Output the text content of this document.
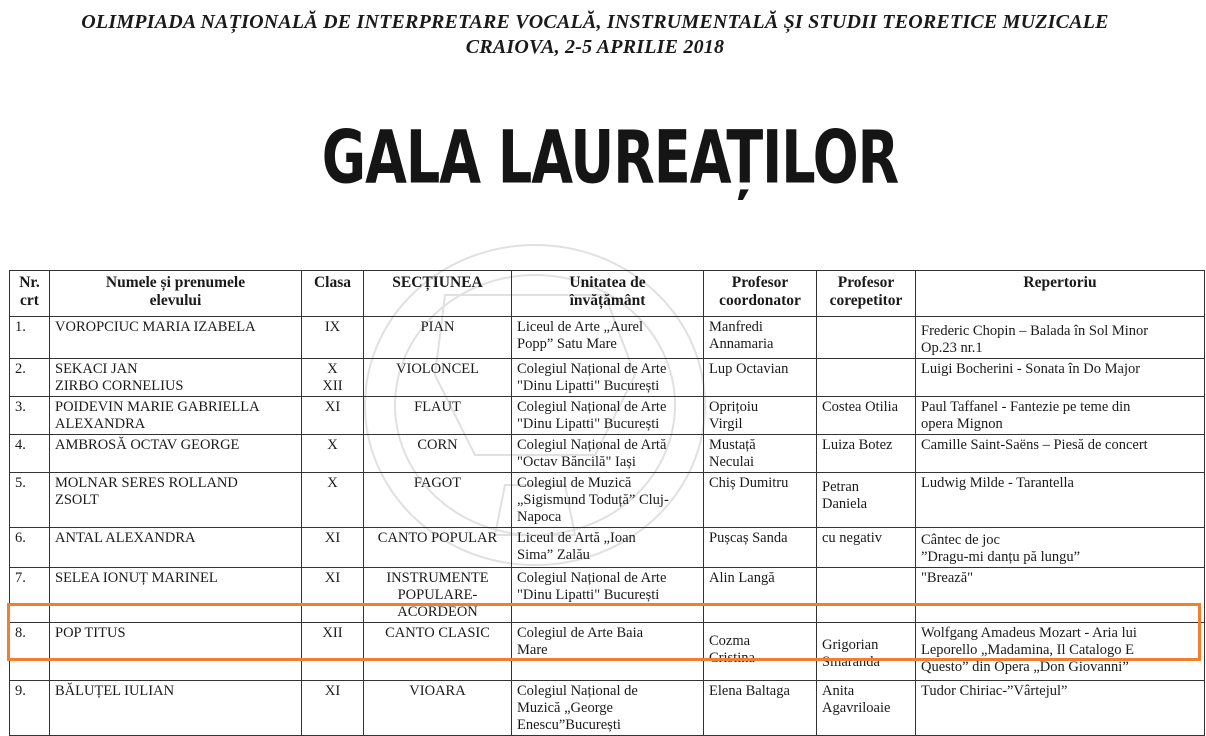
OLIMPIADA NAȚIONALĂ DE INTERPRETARE VOCALĂ, INSTRUMENTALĂ ȘI STUDII TEORETICE MUZICALE
CRAIOVA, 2-5 APRILIE 2018
GALA LAUREAȚILOR
Nr.
crt	Numele și prenumele
elevului	Clasa	SECȚIUNEA	Unitatea de
învățământ	Profesor
coordonator	Profesor
corepetitor	Repertoriu

1.	VOROPCIUC MARIA IZABELA	IX	PIAN	Liceul de Arte „Aurel
Popp” Satu Mare	Manfredi
Annamaria		Frederic Chopin – Balada în Sol Minor
Op.23 nr.1

2.	SEKACI JAN
ZIRBO CORNELIUS	X
XII	VIOLONCEL	Colegiul Național de Arte
"Dinu Lipatti" București	Lup Octavian		Luigi Bocherini - Sonata în Do Major

3.	POIDEVIN MARIE GABRIELLA
ALEXANDRA	XI	FLAUT	Colegiul Național de Arte
"Dinu Lipatti" București	Oprițoiu
Virgil	Costea Otilia	Paul Taffanel - Fantezie pe teme din
opera Mignon

4.	AMBROSĂ OCTAV GEORGE	X	CORN	Colegiul Național de Artă
"Octav Băncilă" Iași	Mustață
Neculai	Luiza Botez	Camille Saint-Saëns – Piesă de concert

5.	MOLNAR SERES ROLLAND
ZSOLT	X	FAGOT	Colegiul de Muzică
„Sigismund Toduță” Cluj-
Napoca	Chiș Dumitru	Petran
Daniela	Ludwig Milde - Tarantella

6.	ANTAL ALEXANDRA	XI	CANTO POPULAR	Liceul de Artă „Ioan
Sima” Zalău	Pușcaș Sanda	cu negativ	Cântec de joc
”Dragu-mi danțu pă lungu”

7.	SELEA IONUȚ MARINEL	XI	INSTRUMENTE
POPULARE-
ACORDEON	Colegiul Național de Arte
"Dinu Lipatti" București	Alin Langă		"Brează"

8.	POP TITUS	XII	CANTO CLASIC	Colegiul de Arte Baia
Mare	Cozma
Cristina	Grigorian
Smaranda	Wolfgang Amadeus Mozart - Aria lui
Leporello „Madamina, Il Catalogo E
Questo” din Opera „Don Giovanni”

9.	BĂLUȚEL IULIAN	XI	VIOARA	Colegiul Național de
Muzică „George
Enescu”București	Elena Baltaga	Anita
Agavriloaie	Tudor Chiriac-”Vârtejul”
